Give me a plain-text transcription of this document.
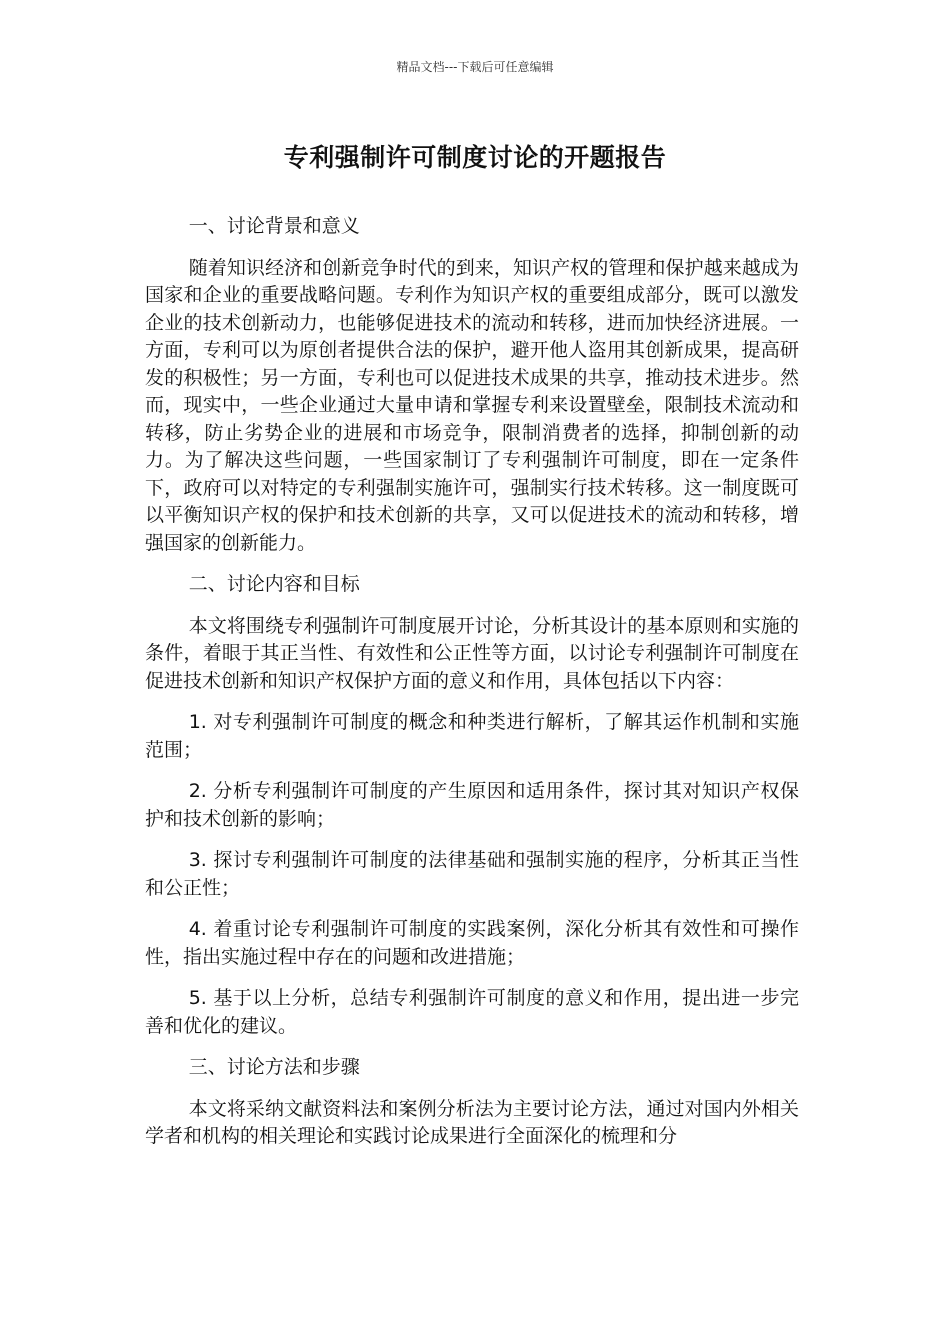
精品文档---下载后可任意编辑
专利强制许可制度讨论的开题报告

一、讨论背景和意义

随着知识经济和创新竞争时代的到来，知识产权的管理和保护越来越成为国家和企业的重要战略问题。专利作为知识产权的重要组成部分，既可以激发企业的技术创新动力，也能够促进技术的流动和转移，进而加快经济进展。一方面，专利可以为原创者提供合法的保护，避开他人盗用其创新成果，提高研发的积极性；另一方面，专利也可以促进技术成果的共享，推动技术进步。然而，现实中，一些企业通过大量申请和掌握专利来设置壁垒，限制技术流动和转移，防止劣势企业的进展和市场竞争，限制消费者的选择，抑制创新的动力。为了解决这些问题，一些国家制订了专利强制许可制度，即在一定条件下，政府可以对特定的专利强制实施许可，强制实行技术转移。这一制度既可以平衡知识产权的保护和技术创新的共享，又可以促进技术的流动和转移，增强国家的创新能力。

二、讨论内容和目标

本文将围绕专利强制许可制度展开讨论，分析其设计的基本原则和实施的条件，着眼于其正当性、有效性和公正性等方面，以讨论专利强制许可制度在促进技术创新和知识产权保护方面的意义和作用，具体包括以下内容：

1. 对专利强制许可制度的概念和种类进行解析，了解其运作机制和实施范围；

2. 分析专利强制许可制度的产生原因和适用条件，探讨其对知识产权保护和技术创新的影响；

3. 探讨专利强制许可制度的法律基础和强制实施的程序，分析其正当性和公正性；

4. 着重讨论专利强制许可制度的实践案例，深化分析其有效性和可操作性，指出实施过程中存在的问题和改进措施；

5. 基于以上分析，总结专利强制许可制度的意义和作用，提出进一步完善和优化的建议。

三、讨论方法和步骤

本文将采纳文献资料法和案例分析法为主要讨论方法，通过对国内外相关学者和机构的相关理论和实践讨论成果进行全面深化的梳理和分
